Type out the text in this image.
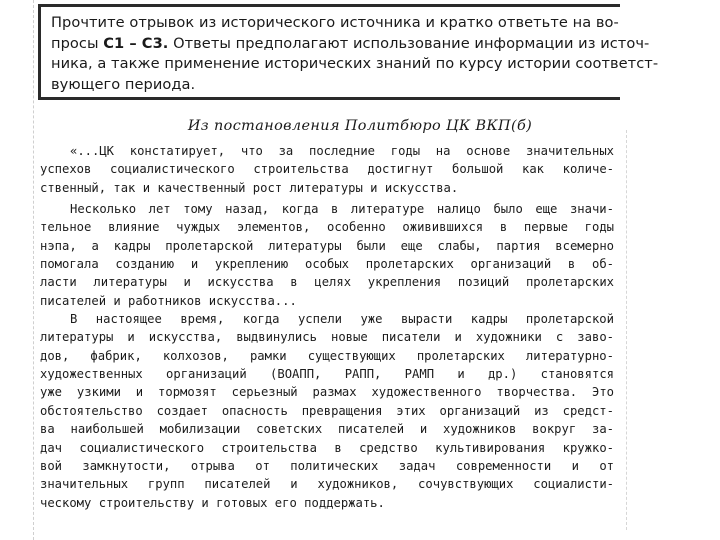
Прочтите отрывок из исторического источника и кратко ответьте на во-
просы С1 – С3. Ответы предполагают использование информации из источ-
ника, а также применение исторических знаний по курсу истории соответст-
вующего периода.
Из постановления Политбюро ЦК ВКП(б)
«...ЦК констатирует, что за последние годы на основе значительных
успехов социалистического строительства достигнут большой как количе-
ственный, так и качественный рост литературы и искусства.
Несколько лет тому назад, когда в литературе налицо было еще значи-
тельное влияние чуждых элементов, особенно оживившихся в первые годы
нэпа, а кадры пролетарской литературы были еще слабы, партия всемерно
помогала созданию и укреплению особых пролетарских организаций в об-
ласти литературы и искусства в целях укрепления позиций пролетарских
писателей и работников искусства...
В настоящее время, когда успели уже вырасти кадры пролетарской
литературы и искусства, выдвинулись новые писатели и художники с заво-
дов, фабрик, колхозов, рамки существующих пролетарских литературно-
художественных организаций (ВОАПП, РАПП, РАМП и др.) становятся
уже узкими и тормозят серьезный размах художественного творчества. Это
обстоятельство создает опасность превращения этих организаций из средст-
ва наибольшей мобилизации советских писателей и художников вокруг за-
дач социалистического строительства в средство культивирования кружко-
вой замкнутости, отрыва от политических задач современности и от
значительных групп писателей и художников, сочувствующих социалисти-
ческому строительству и готовых его поддержать.
